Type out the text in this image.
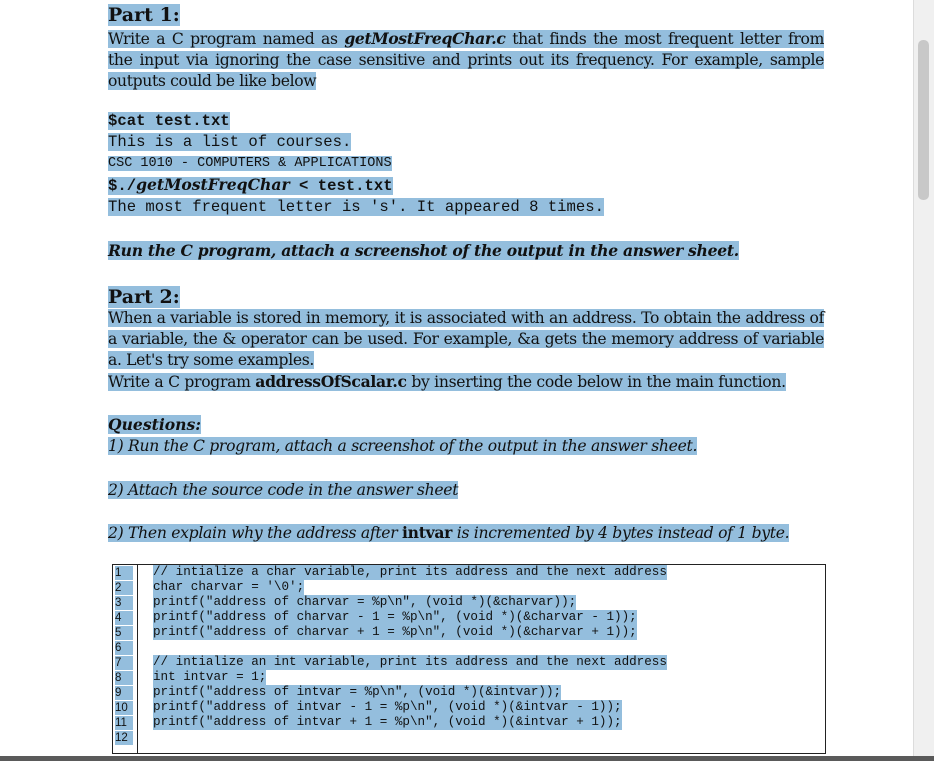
Part 1:
Write a C program named as getMostFreqChar.c that finds the most frequent letter from the input via ignoring the case sensitive and prints out its frequency. For example, sample outputs could be like below
$cat test.txt
This is a list of courses.
CSC 1010 - COMPUTERS & APPLICATIONS
$./getMostFreqChar < test.txt
The most frequent letter is 's'. It appeared 8 times.
Run the C program, attach a screenshot of the output in the answer sheet.
Part 2:
When a variable is stored in memory, it is associated with an address. To obtain the address of a variable, the & operator can be used. For example, &a gets the memory address of variable a. Let's try some examples.
Write a C program addressOfScalar.c by inserting the code below in the main function.
Questions:
1) Run the C program, attach a screenshot of the output in the answer sheet.
2) Attach the source code in the answer sheet
2) Then explain why the address after intvar is incremented by 4 bytes instead of 1 byte.
1
2
3
4
5
6
7
8
9
10
11
12
// intialize a char variable, print its address and the next address
char charvar = '\0';
printf("address of charvar = %p\n", (void *)(&charvar));
printf("address of charvar - 1 = %p\n", (void *)(&charvar - 1));
printf("address of charvar + 1 = %p\n", (void *)(&charvar + 1));
// intialize an int variable, print its address and the next address
int intvar = 1;
printf("address of intvar = %p\n", (void *)(&intvar));
printf("address of intvar - 1 = %p\n", (void *)(&intvar - 1));
printf("address of intvar + 1 = %p\n", (void *)(&intvar + 1));
